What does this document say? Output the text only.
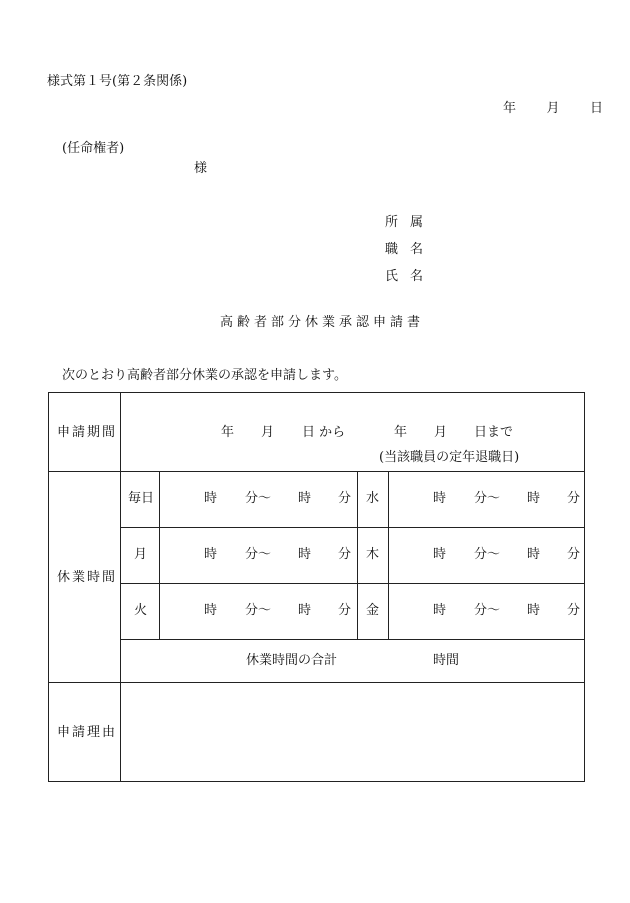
様式第１号(第２条関係)
年 月 日
(任命権者)
様
所 属
職 名
氏 名
高齢者部分休業承認申請書
次のとおり高齢者部分休業の承認を申請します。
申請期間	年 月 日 から	年 月 日まで
(当該職員の定年退職日)
休業時間
毎日	時 分～ 時 分 水	時 分～ 時 分
月	時 分～ 時 分 木	時 分～ 時 分
火	時 分～ 時 分 金	時 分～ 時 分
休業時間の合計	時間
申請理由
